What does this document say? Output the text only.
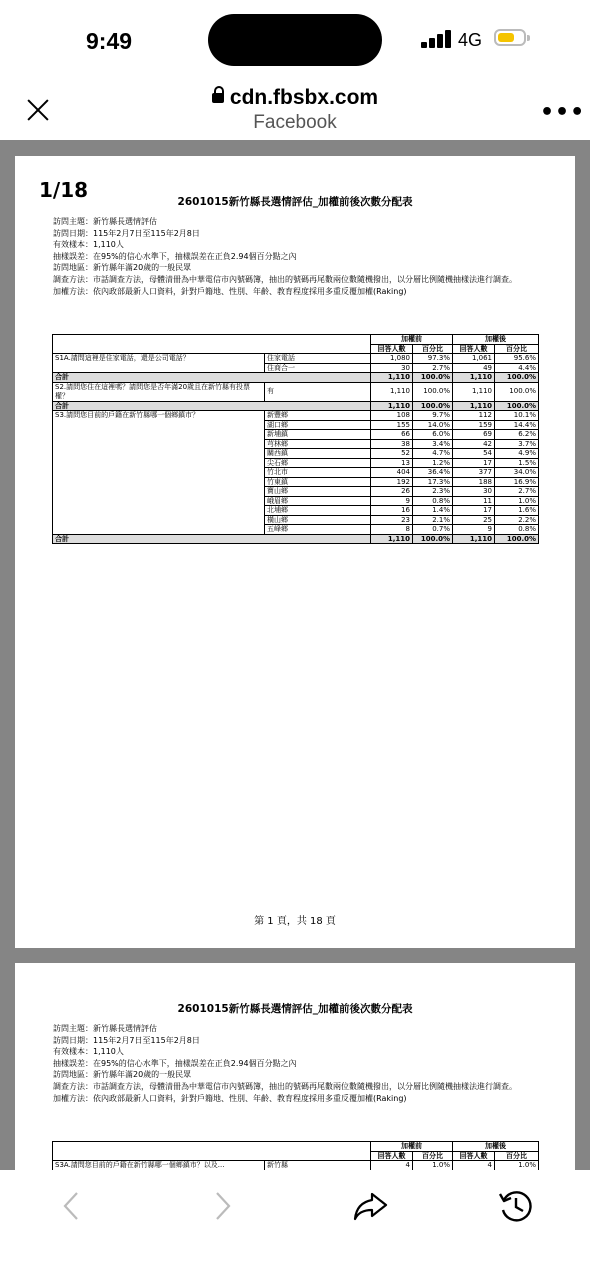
9:49	4G
cdn.fbsbx.com
Facebook	•••
1/18	2601015新竹縣長選情評估_加權前後次數分配表
訪問主題：新竹縣長選情評估
訪問日期：115年2月7日至115年2月8日
有效樣本：1,110人
抽樣誤差：在95%的信心水準下，抽樣誤差在正負2.94個百分點之內
訪問地區：新竹縣年滿20歲的一般民眾
調查方法：市話調查方法，母體清冊為中華電信市內號碼簿，抽出的號碼再尾數兩位數隨機撥出，以分層比例隨機抽樣法進行調查。
加權方法：依內政部最新人口資料，針對戶籍地、性別、年齡、教育程度採用多重反覆加權(Raking)
		加權前		加權後	
		回答人數	百分比	回答人數	百分比
S1A.請問這裡是住家電話，還是公司電話？	住家電話	1,080	97.3%	1,061	95.6%
	住商合一	30	2.7%	49	4.4%
合計		1,110	100.0%	1,110	100.0%
S2.請問您住在這裡嗎？請問您是否年滿20歲且在新竹縣有投票權？	有	1,110	100.0%	1,110	100.0%
合計		1,110	100.0%	1,110	100.0%
S3.請問您目前的戶籍在新竹縣哪一個鄉鎮市？	新豐鄉	108	9.7%	112	10.1%
	湖口鄉	155	14.0%	159	14.4%
	新埔鎮	66	6.0%	69	6.2%
	芎林鄉	38	3.4%	42	3.7%
	關西鎮	52	4.7%	54	4.9%
	尖石鄉	13	1.2%	17	1.5%
	竹北市	404	36.4%	377	34.0%
	竹東鎮	192	17.3%	188	16.9%
	寶山鄉	26	2.3%	30	2.7%
	峨眉鄉	9	0.8%	11	1.0%
	北埔鄉	16	1.4%	17	1.6%
	橫山鄉	23	2.1%	25	2.2%
	五峰鄉	8	0.7%	9	0.8%
合計		1,110	100.0%	1,110	100.0%
第 1 頁，共 18 頁
2601015新竹縣長選情評估_加權前後次數分配表
訪問主題：新竹縣長選情評估
訪問日期：115年2月7日至115年2月8日
有效樣本：1,110人
抽樣誤差：在95%的信心水準下，抽樣誤差在正負2.94個百分點之內
訪問地區：新竹縣年滿20歲的一般民眾
調查方法：市話調查方法，母體清冊為中華電信市內號碼簿，抽出的號碼再尾數兩位數隨機撥出，以分層比例隨機抽樣法進行調查。
加權方法：依內政部最新人口資料，針對戶籍地、性別、年齡、教育程度採用多重反覆加權(Raking)
		加權前		加權後	
		回答人數	百分比	回答人數	百分比
S3A.請問您目前的戶籍在新竹縣哪一個鄉鎮市？以及...	新竹縣	4	1.0%	4	1.0%
